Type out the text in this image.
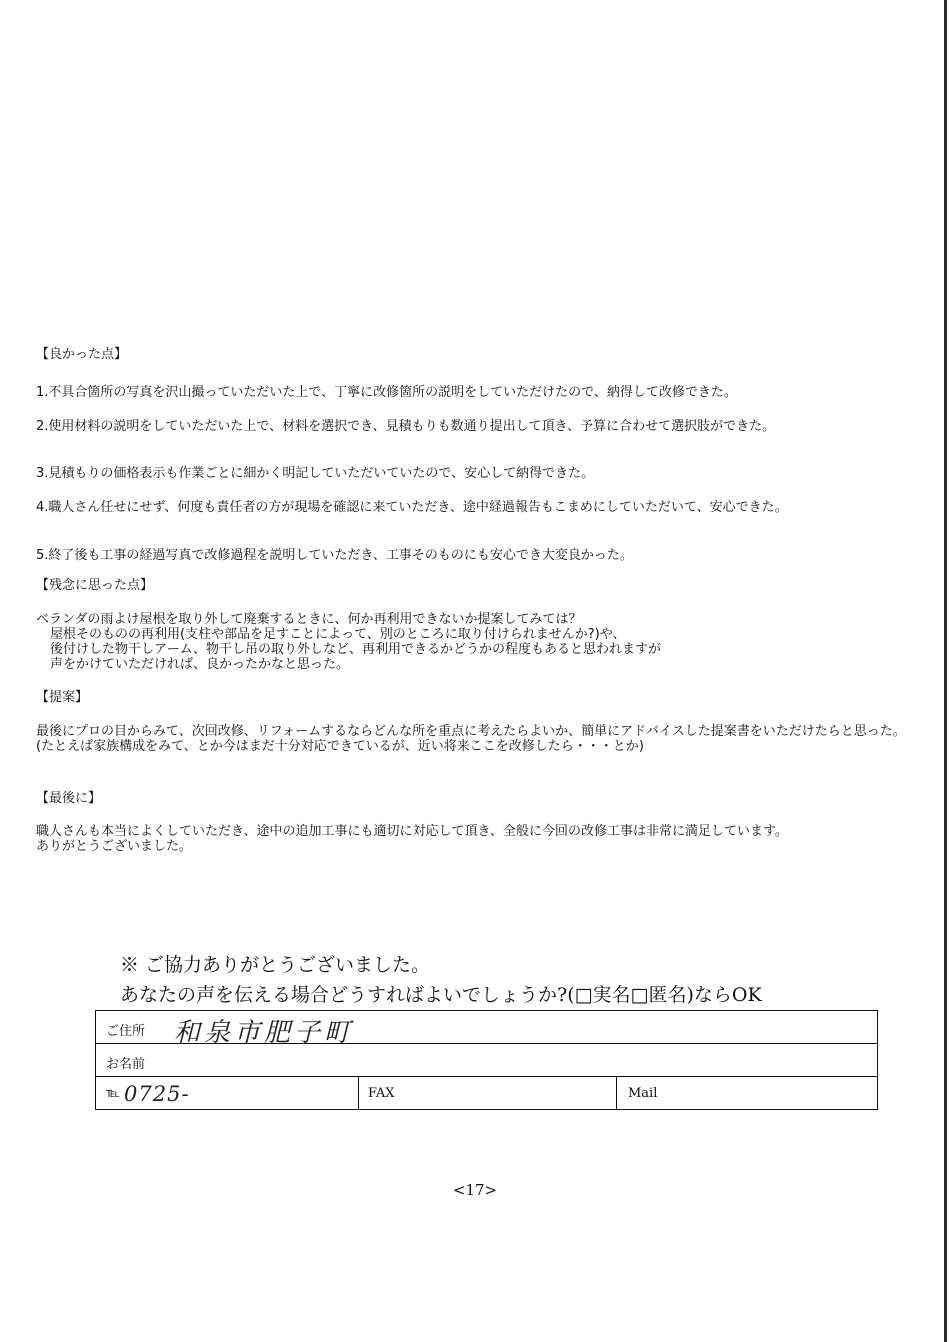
【良かった点】
1.不具合箇所の写真を沢山撮っていただいた上で、丁寧に改修箇所の説明をしていただけたので、納得して改修できた。
2.使用材料の説明をしていただいた上で、材料を選択でき、見積もりも数通り提出して頂き、予算に合わせて選択肢ができた。
3.見積もりの価格表示も作業ごとに細かく明記していただいていたので、安心して納得できた。
4.職人さん任せにせず、何度も責任者の方が現場を確認に来ていただき、途中経過報告もこまめにしていただいて、安心できた。
5.終了後も工事の経過写真で改修過程を説明していただき、工事そのものにも安心でき大変良かった。
【残念に思った点】
ベランダの雨よけ屋根を取り外して廃棄するときに、何か再利用できないか提案してみては？
屋根そのものの再利用(支柱や部品を足すことによって、別のところに取り付けられませんか?)や、
後付けした物干しアーム、物干し吊の取り外しなど、再利用できるかどうかの程度もあると思われますが
声をかけていただければ、良かったかなと思った。
【提案】
最後にプロの目からみて、次回改修、リフォームするならどんな所を重点に考えたらよいか、簡単にアドバイスした提案書をいただけたらと思った。
(たとえば家族構成をみて、とか今はまだ十分対応できているが、近い将来ここを改修したら・・・とか)
【最後に】
職人さんも本当によくしていただき、途中の追加工事にも適切に対応して頂き、全般に今回の改修工事は非常に満足しています。
ありがとうございました。
※ ご協力ありがとうございました。
あなたの声を伝える場合どうすればよいでしょうか?(□実名□匿名)ならOK
ご住所 和泉市肥子町
お名前
℡ 0725-	FAX	Mail
<17>
